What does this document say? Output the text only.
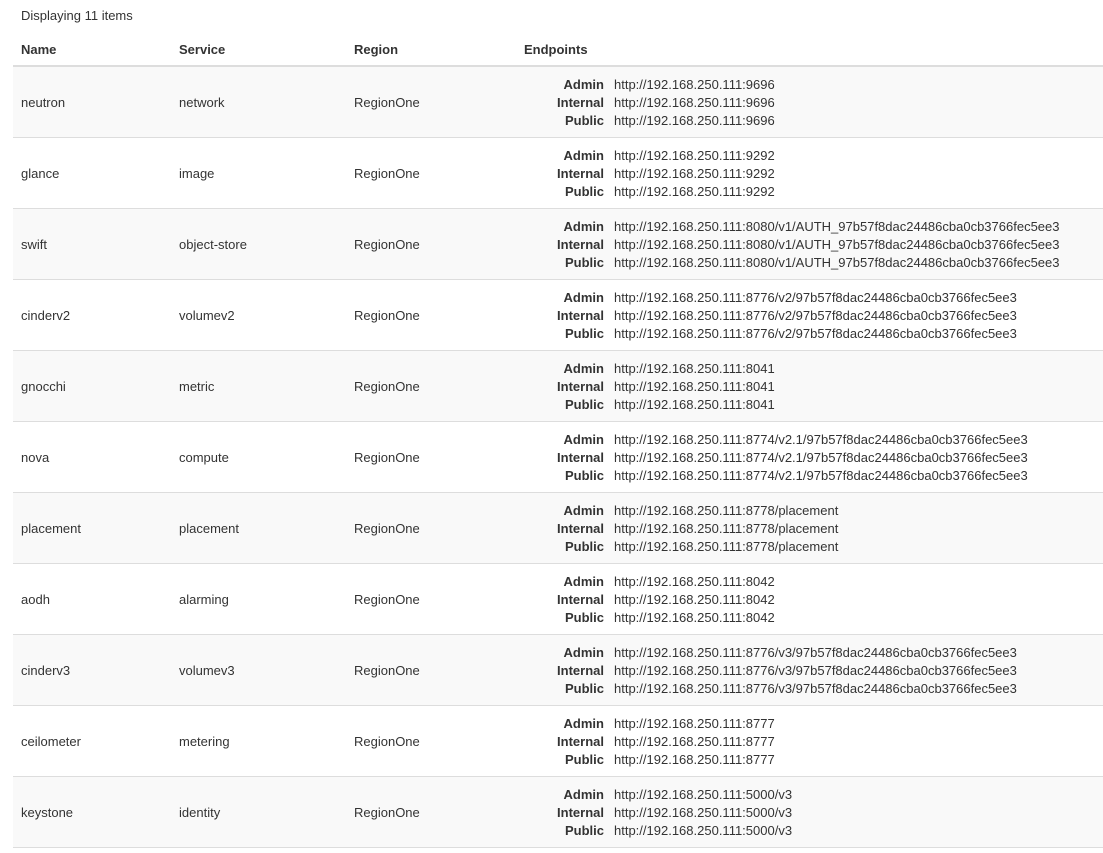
Displaying 11 items
Name	Service	Region	Endpoints
neutron	network	RegionOne
Admin http://192.168.250.111:9696
Internal http://192.168.250.111:9696
Public http://192.168.250.111:9696
glance	image	RegionOne
Admin http://192.168.250.111:9292
Internal http://192.168.250.111:9292
Public http://192.168.250.111:9292
swift	object-store	RegionOne
Admin http://192.168.250.111:8080/v1/AUTH_97b57f8dac24486cba0cb3766fec5ee3
Internal http://192.168.250.111:8080/v1/AUTH_97b57f8dac24486cba0cb3766fec5ee3
Public http://192.168.250.111:8080/v1/AUTH_97b57f8dac24486cba0cb3766fec5ee3
cinderv2	volumev2	RegionOne
Admin http://192.168.250.111:8776/v2/97b57f8dac24486cba0cb3766fec5ee3
Internal http://192.168.250.111:8776/v2/97b57f8dac24486cba0cb3766fec5ee3
Public http://192.168.250.111:8776/v2/97b57f8dac24486cba0cb3766fec5ee3
gnocchi	metric	RegionOne
Admin http://192.168.250.111:8041
Internal http://192.168.250.111:8041
Public http://192.168.250.111:8041
nova	compute	RegionOne
Admin http://192.168.250.111:8774/v2.1/97b57f8dac24486cba0cb3766fec5ee3
Internal http://192.168.250.111:8774/v2.1/97b57f8dac24486cba0cb3766fec5ee3
Public http://192.168.250.111:8774/v2.1/97b57f8dac24486cba0cb3766fec5ee3
placement	placement	RegionOne
Admin http://192.168.250.111:8778/placement
Internal http://192.168.250.111:8778/placement
Public http://192.168.250.111:8778/placement
aodh	alarming	RegionOne
Admin http://192.168.250.111:8042
Internal http://192.168.250.111:8042
Public http://192.168.250.111:8042
cinderv3	volumev3	RegionOne
Admin http://192.168.250.111:8776/v3/97b57f8dac24486cba0cb3766fec5ee3
Internal http://192.168.250.111:8776/v3/97b57f8dac24486cba0cb3766fec5ee3
Public http://192.168.250.111:8776/v3/97b57f8dac24486cba0cb3766fec5ee3
ceilometer	metering	RegionOne
Admin http://192.168.250.111:8777
Internal http://192.168.250.111:8777
Public http://192.168.250.111:8777
keystone	identity	RegionOne
Admin http://192.168.250.111:5000/v3
Internal http://192.168.250.111:5000/v3
Public http://192.168.250.111:5000/v3
